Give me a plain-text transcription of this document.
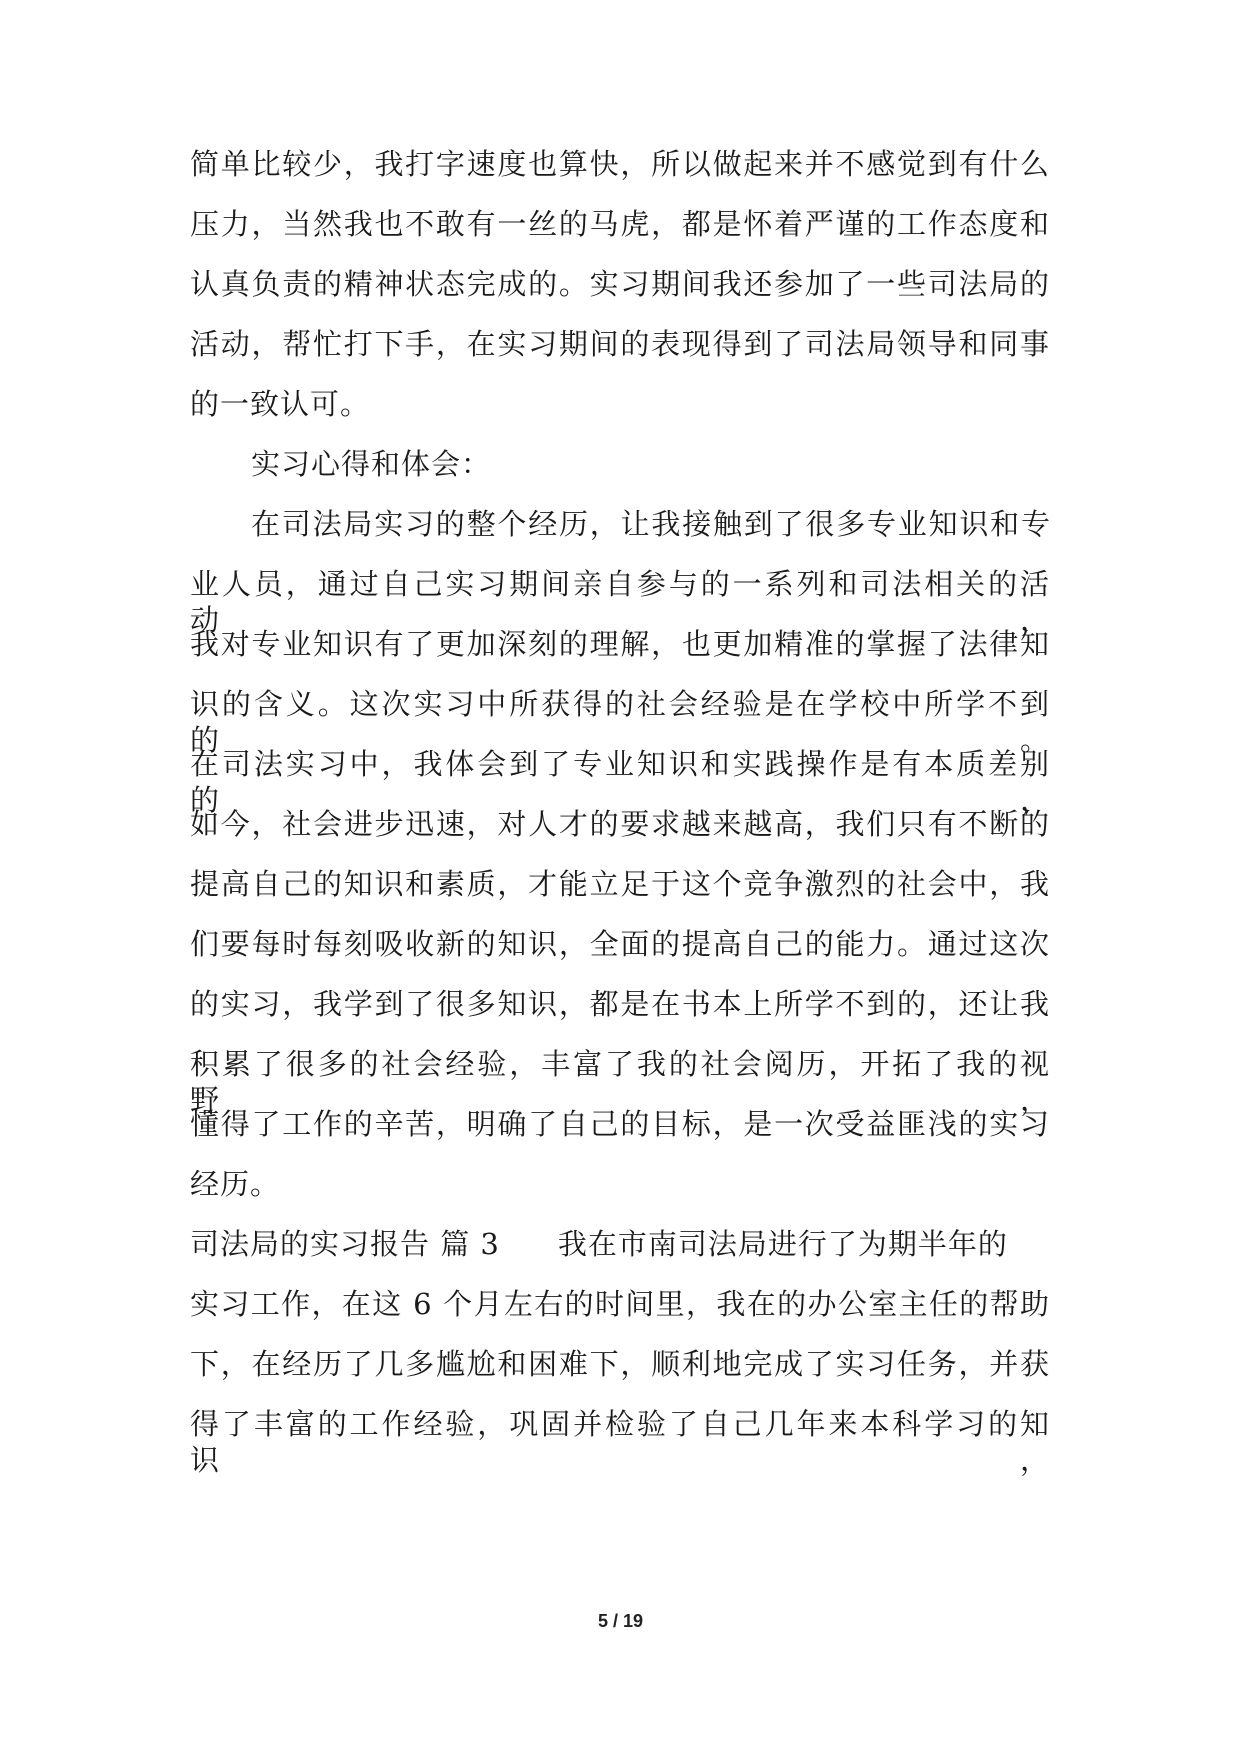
简单比较少，我打字速度也算快，所以做起来并不感觉到有什么
压力，当然我也不敢有一丝的马虎，都是怀着严谨的工作态度和
认真负责的精神状态完成的。实习期间我还参加了一些司法局的
活动，帮忙打下手，在实习期间的表现得到了司法局领导和同事
的一致认可。
实习心得和体会：
在司法局实习的整个经历，让我接触到了很多专业知识和专
业人员，通过自己实习期间亲自参与的一系列和司法相关的活动，
我对专业知识有了更加深刻的理解，也更加精准的掌握了法律知
识的含义。这次实习中所获得的社会经验是在学校中所学不到的。
在司法实习中，我体会到了专业知识和实践操作是有本质差别的，
如今，社会进步迅速，对人才的要求越来越高，我们只有不断的
提高自己的知识和素质，才能立足于这个竞争激烈的社会中，我
们要每时每刻吸收新的知识，全面的提高自己的能力。通过这次
的实习，我学到了很多知识，都是在书本上所学不到的，还让我
积累了很多的社会经验，丰富了我的社会阅历，开拓了我的视野，
懂得了工作的辛苦，明确了自己的目标，是一次受益匪浅的实习
经历。
司法局的实习报告 篇 3 我在市南司法局进行了为期半年的
实习工作，在这 6 个月左右的时间里，我在的办公室主任的帮助
下，在经历了几多尴尬和困难下，顺利地完成了实习任务，并获
得了丰富的工作经验，巩固并检验了自己几年来本科学习的知识，
5 / 19
